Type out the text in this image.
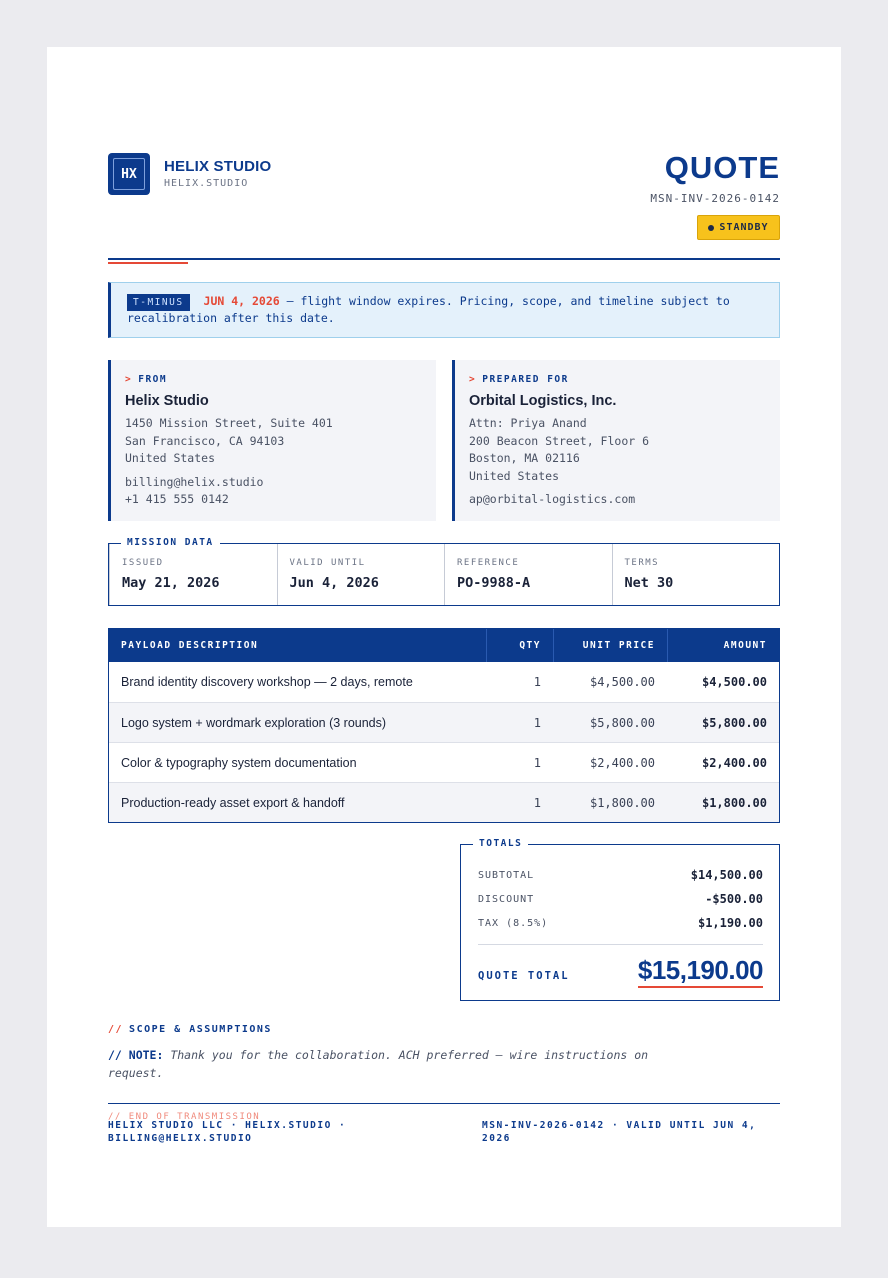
HX	HELIX STUDIO
HELIX.STUDIO	QUOTE
MSN-INV-2026-0142
STANDBY
T-MINUS JUN 4, 2026 — flight window expires. Pricing, scope, and timeline subject to recalibration after this date.
> FROM
Helix Studio
1450 Mission Street, Suite 401
San Francisco, CA 94103
United States
billing@helix.studio
+1 415 555 0142
> PREPARED FOR
Orbital Logistics, Inc.
Attn: Priya Anand
200 Beacon Street, Floor 6
Boston, MA 02116
United States
ap@orbital-logistics.com
MISSION DATA
ISSUED
May 21, 2026
VALID UNTIL
Jun 4, 2026
REFERENCE
PO-9988-A
TERMS
Net 30
PAYLOAD DESCRIPTION	QTY	UNIT PRICE	AMOUNT
Brand identity discovery workshop — 2 days, remote	1	$4,500.00	$4,500.00
Logo system + wordmark exploration (3 rounds)	1	$5,800.00	$5,800.00
Color & typography system documentation	1	$2,400.00	$2,400.00
Production-ready asset export & handoff	1	$1,800.00	$1,800.00
TOTALS
SUBTOTAL	$14,500.00
DISCOUNT	-$500.00
TAX (8.5%)	$1,190.00
QUOTE TOTAL	$15,190.00
// SCOPE & ASSUMPTIONS
// NOTE: Thank you for the collaboration. ACH preferred — wire instructions on request.
// END OF TRANSMISSION
HELIX STUDIO LLC · HELIX.STUDIO · BILLING@HELIX.STUDIO
MSN-INV-2026-0142 · VALID UNTIL JUN 4, 2026
